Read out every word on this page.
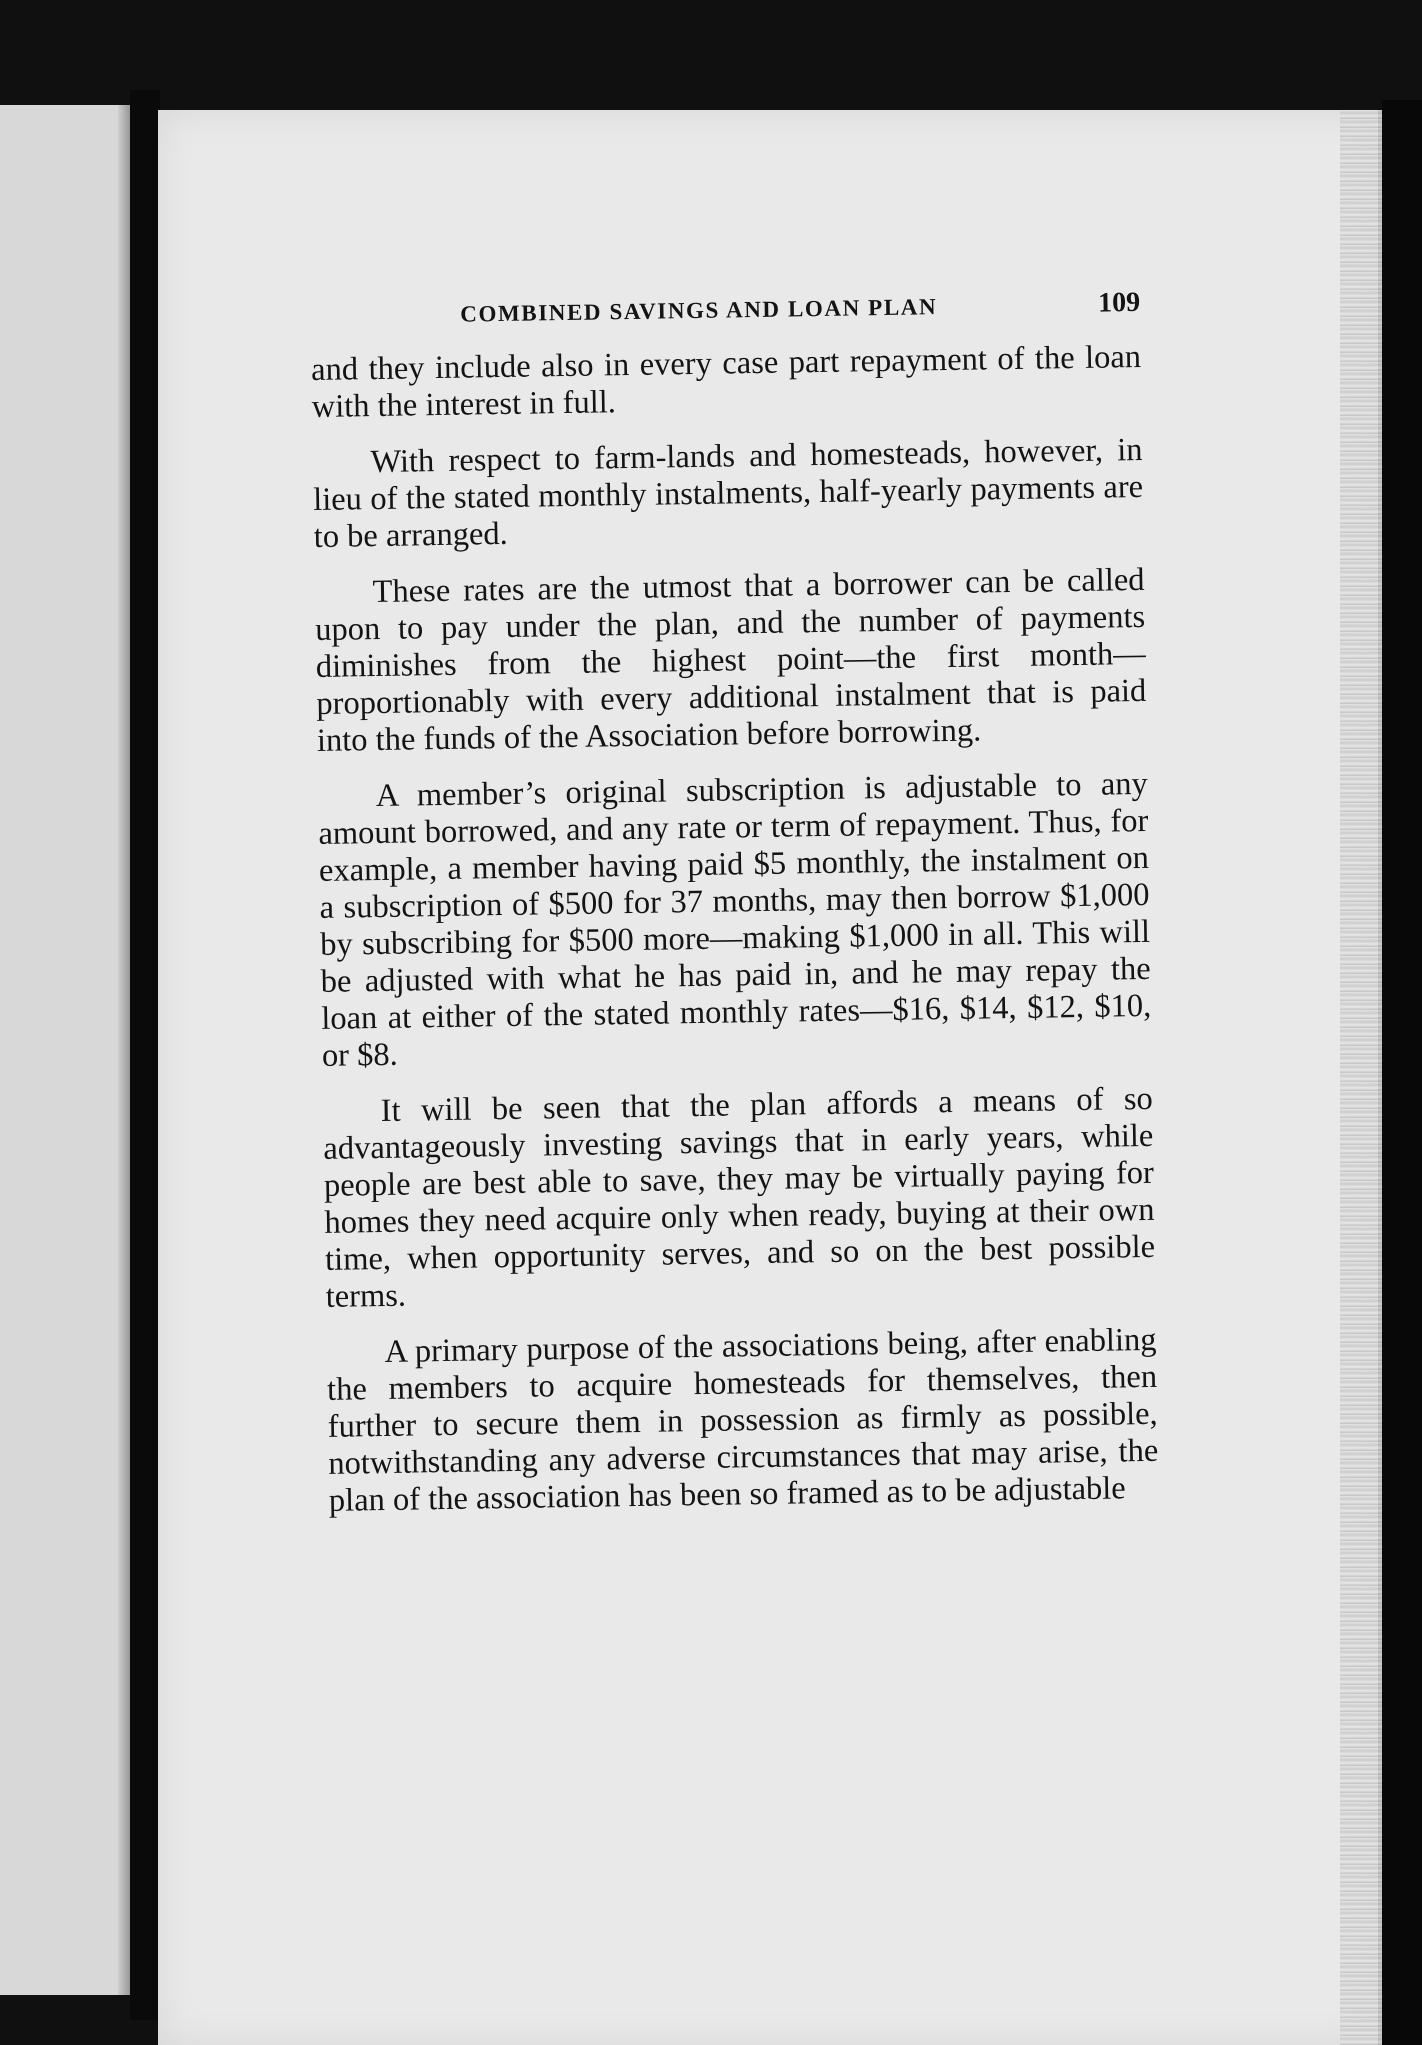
COMBINED SAVINGS AND LOAN PLAN	109

and they include also in every case part repayment of the loan with the interest in full.

With respect to farm-lands and homesteads, however, in lieu of the stated monthly instalments, half-yearly payments are to be arranged.

These rates are the utmost that a borrower can be called upon to pay under the plan, and the number of payments diminishes from the highest point—the first month—proportionably with every additional instalment that is paid into the funds of the Association before borrowing.

A member’s original subscription is adjustable to any amount borrowed, and any rate or term of repayment. Thus, for example, a member having paid $5 monthly, the instalment on a subscription of $500 for 37 months, may then borrow $1,000 by subscribing for $500 more—making $1,000 in all. This will be adjusted with what he has paid in, and he may repay the loan at either of the stated monthly rates—$16, $14, $12, $10, or $8.

It will be seen that the plan affords a means of so advantageously investing savings that in early years, while people are best able to save, they may be virtually paying for homes they need acquire only when ready, buying at their own time, when opportunity serves, and so on the best possible terms.

A primary purpose of the associations being, after enabling the members to acquire homesteads for themselves, then further to secure them in possession as firmly as possible, notwithstanding any adverse circumstances that may arise, the plan of the association has been so framed as to be adjustable
